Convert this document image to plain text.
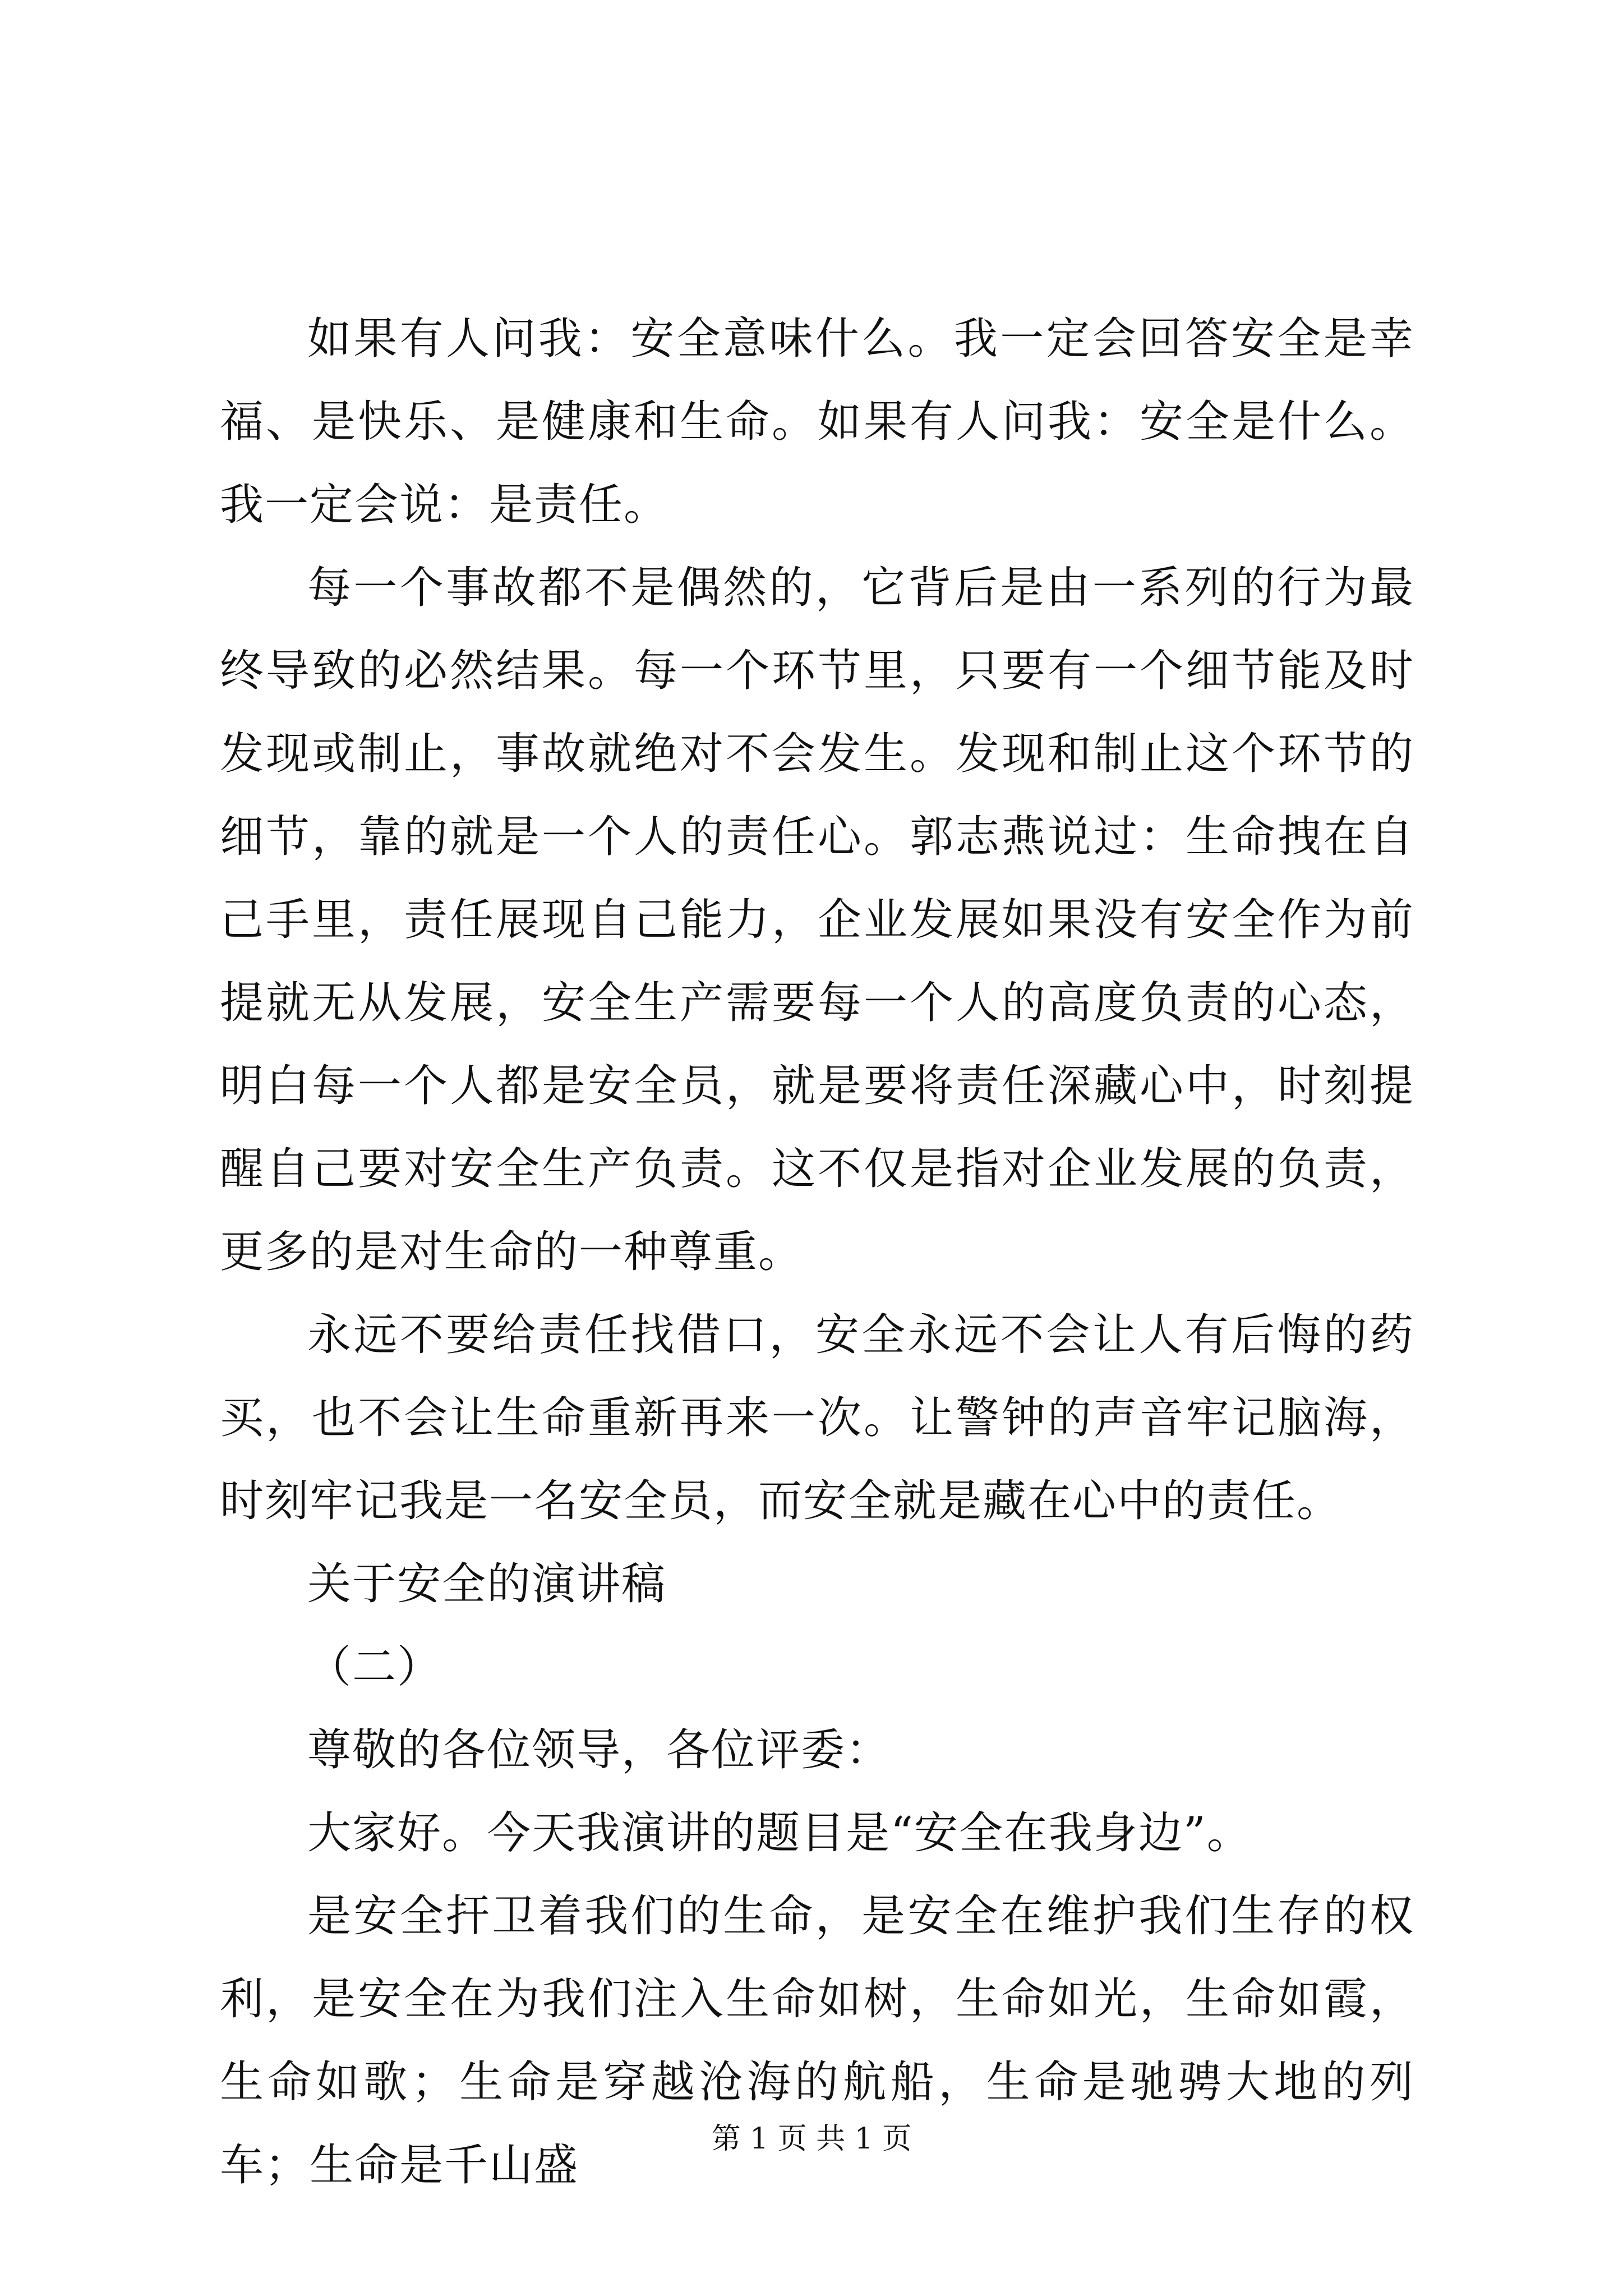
如果有人问我：安全意味什么。我一定会回答安全是幸福、是快乐、是健康和生命。如果有人问我：安全是什么。我一定会说：是责任。

每一个事故都不是偶然的，它背后是由一系列的行为最终导致的必然结果。每一个环节里，只要有一个细节能及时发现或制止，事故就绝对不会发生。发现和制止这个环节的细节，靠的就是一个人的责任心。郭志燕说过：生命拽在自己手里，责任展现自己能力，企业发展如果没有安全作为前提就无从发展，安全生产需要每一个人的高度负责的心态，明白每一个人都是安全员，就是要将责任深藏心中，时刻提醒自己要对安全生产负责。这不仅是指对企业发展的负责，更多的是对生命的一种尊重。

永远不要给责任找借口，安全永远不会让人有后悔的药买，也不会让生命重新再来一次。让警钟的声音牢记脑海，时刻牢记我是一名安全员，而安全就是藏在心中的责任。

关于安全的演讲稿

（二）

尊敬的各位领导，各位评委：

大家好。今天我演讲的题目是“安全在我身边”。

是安全扞卫着我们的生命，是安全在维护我们生存的权利，是安全在为我们注入生命如树，生命如光，生命如霞，生命如歌；生命是穿越沧海的航船，生命是驰骋大地的列车；生命是千山盛

第 1 页 共 1 页
